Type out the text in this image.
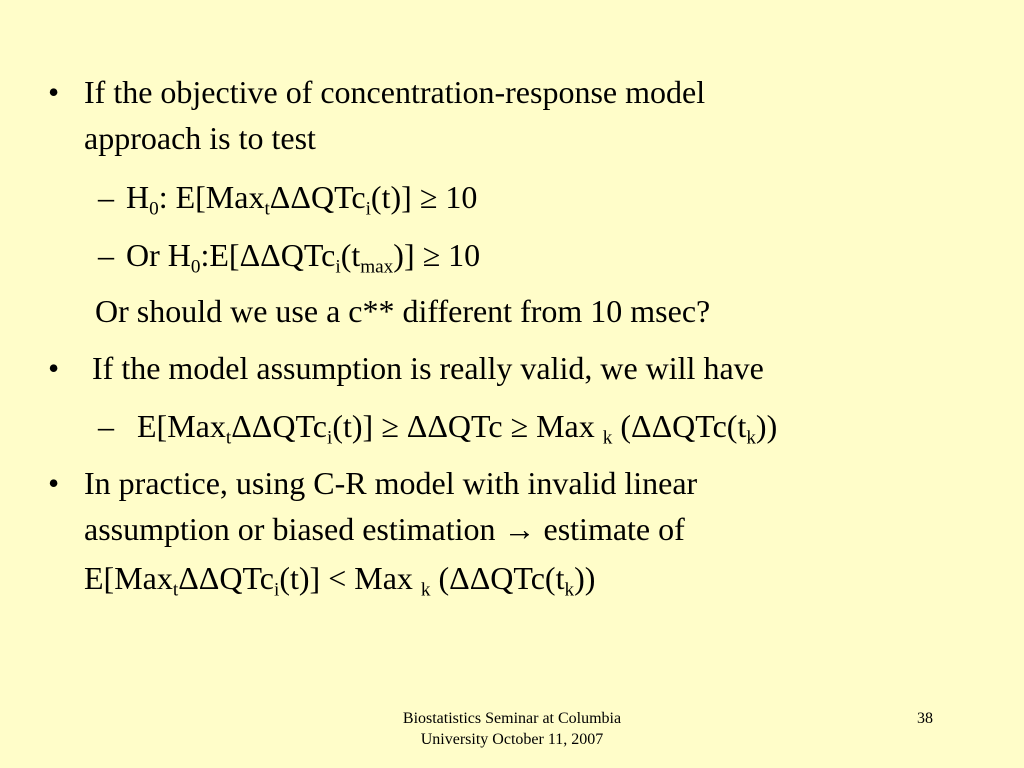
• If the objective of concentration-response model
approach is to test
– $H_0$: E[Max$_t$ΔΔQTc$_i$(t)] ≥ 10
– Or $H_0:E[\Delta\Delta QTc_i(t_{max})] \ge 10$
Or should we use a c** different from 10 msec?
• If the model assumption is really valid, we will have
– E[Max$_t$ΔΔQTc$_i$(t)] ≥ ΔΔQTc ≥ Max $_k$ $(\Delta\Delta QTc(t_k))$
• In practice, using C-R model with invalid linear
assumption or biased estimation → estimate of
E[Max$_t$ΔΔQTc$_i$(t)] < Max $_k$ $(\Delta\Delta QTc(t_k))$
Biostatistics Seminar at Columbia
University October 11, 2007
38
